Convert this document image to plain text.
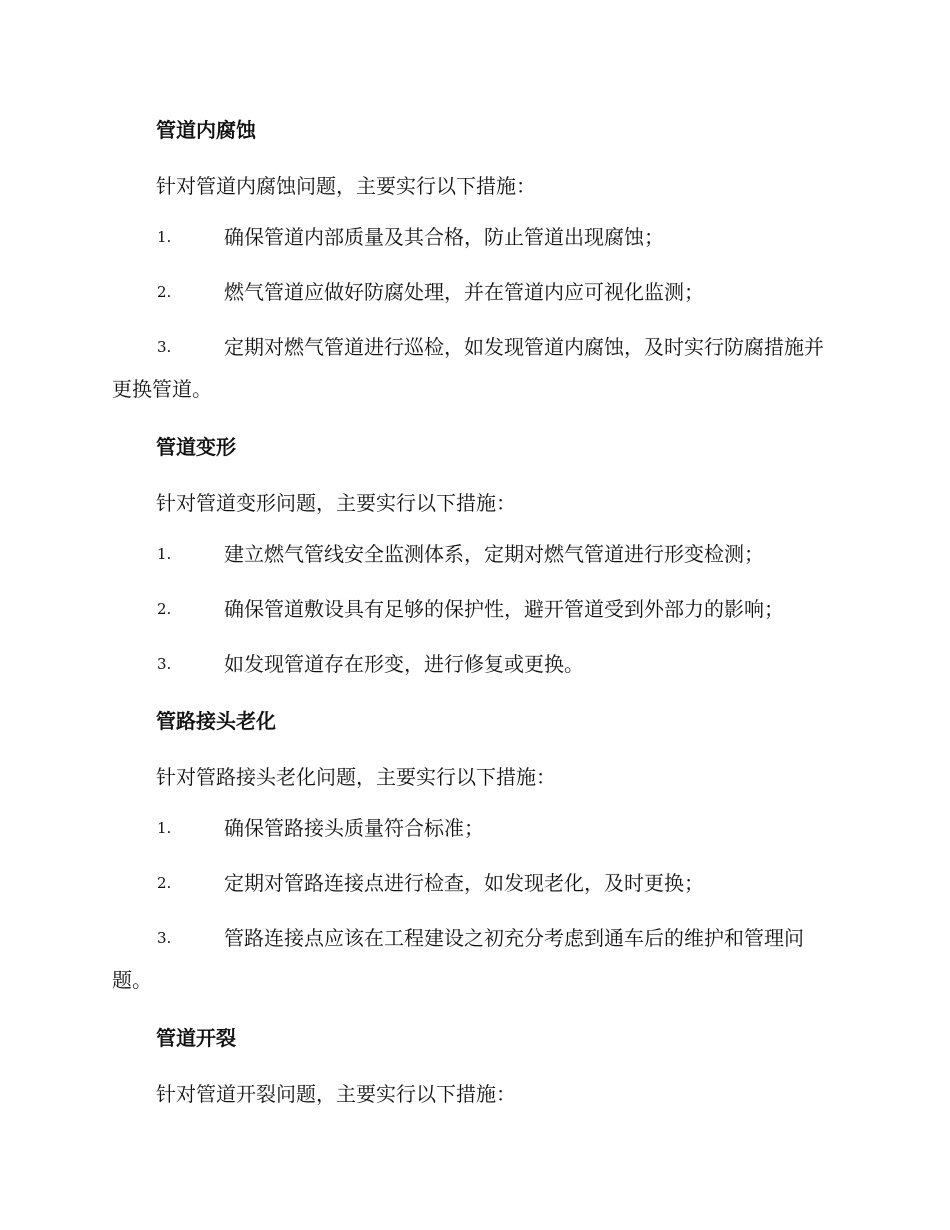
管道内腐蚀
针对管道内腐蚀问题，主要实行以下措施：
1.	确保管道内部质量及其合格，防止管道出现腐蚀；
2.	燃气管道应做好防腐处理，并在管道内应可视化监测；
3.	定期对燃气管道进行巡检，如发现管道内腐蚀，及时实行防腐措施并更换管道。
管道变形
针对管道变形问题，主要实行以下措施：
1.	建立燃气管线安全监测体系，定期对燃气管道进行形变检测；
2.	确保管道敷设具有足够的保护性，避开管道受到外部力的影响；
3.	如发现管道存在形变，进行修复或更换。
管路接头老化
针对管路接头老化问题，主要实行以下措施：
1.	确保管路接头质量符合标准；
2.	定期对管路连接点进行检查，如发现老化，及时更换；
3.	管路连接点应该在工程建设之初充分考虑到通车后的维护和管理问题。
管道开裂
针对管道开裂问题，主要实行以下措施：
